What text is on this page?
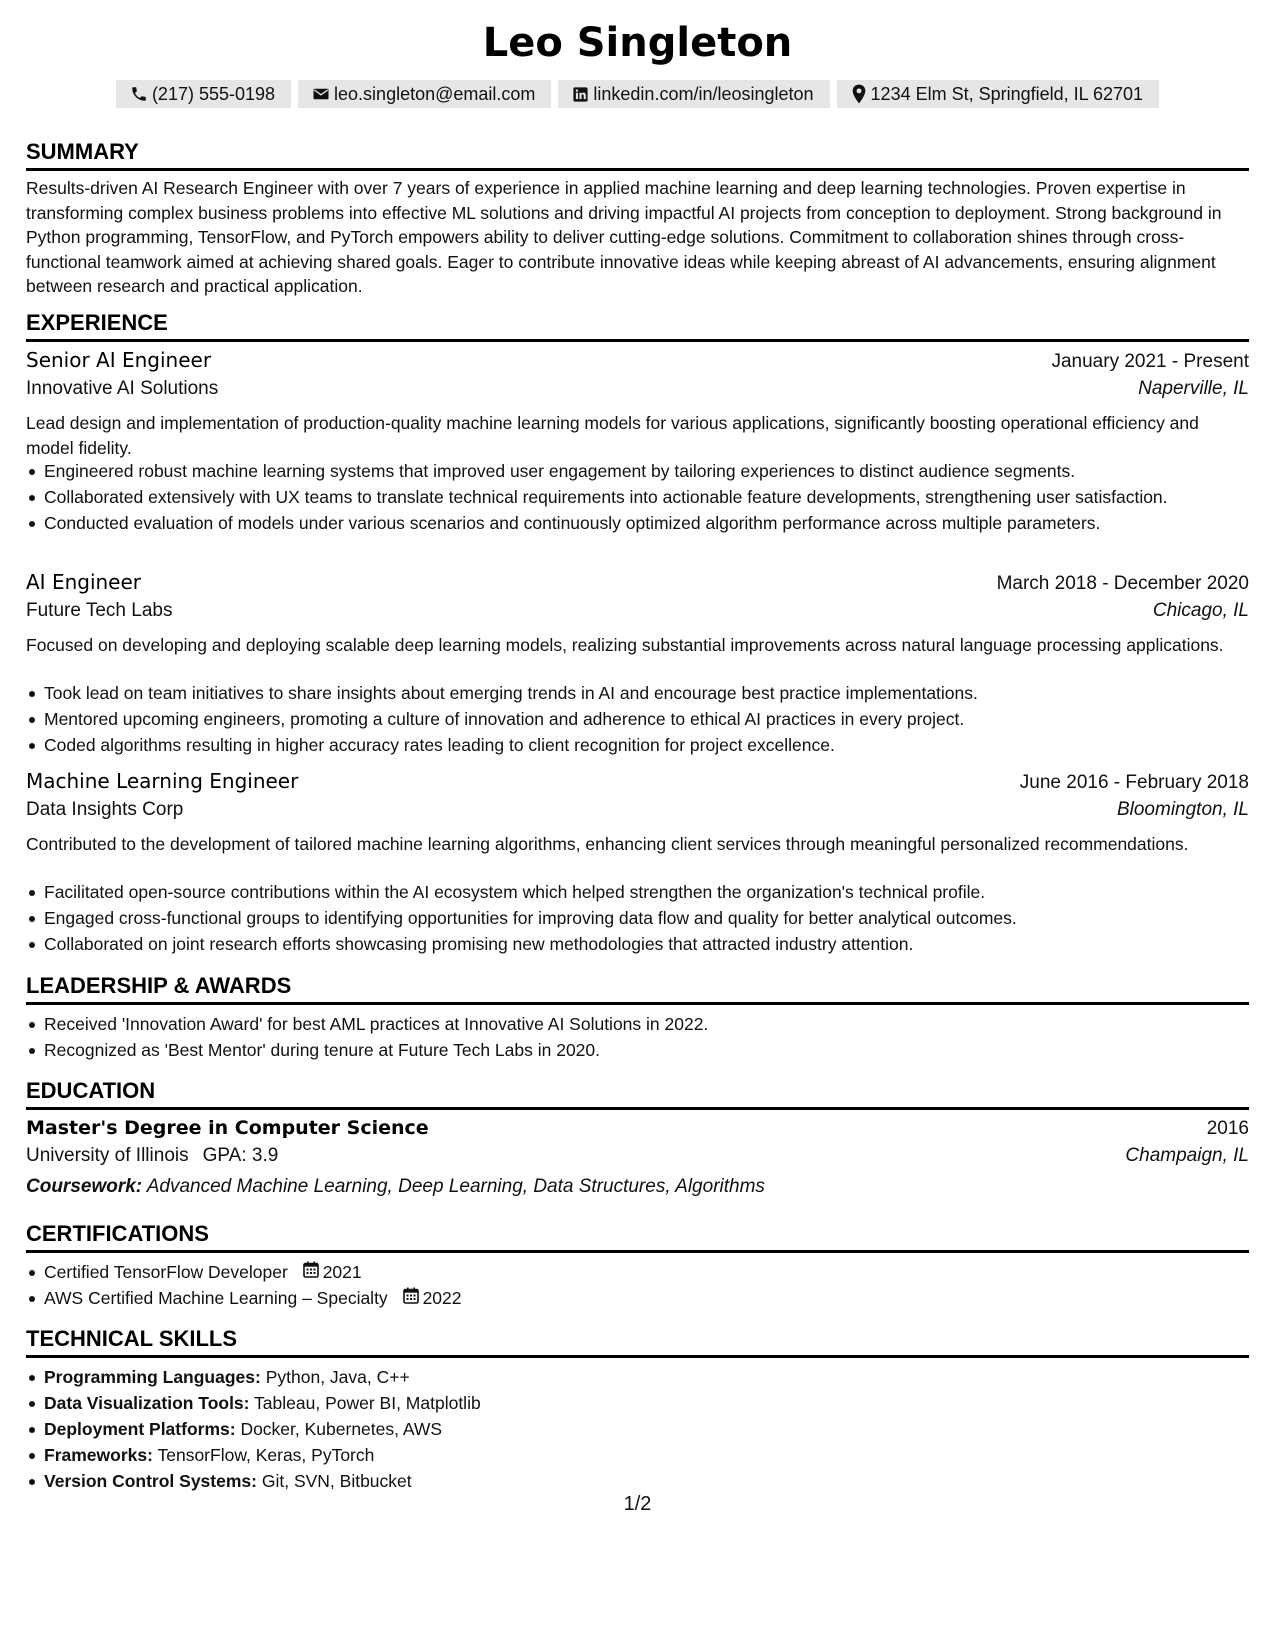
Leo Singleton
(217) 555-0198	leo.singleton@email.com	linkedin.com/in/leosingleton	1234 Elm St, Springfield, IL 62701
SUMMARY
Results-driven AI Research Engineer with over 7 years of experience in applied machine learning and deep learning technologies. Proven expertise in transforming complex business problems into effective ML solutions and driving impactful AI projects from conception to deployment. Strong background in Python programming, TensorFlow, and PyTorch empowers ability to deliver cutting-edge solutions. Commitment to collaboration shines through cross-functional teamwork aimed at achieving shared goals. Eager to contribute innovative ideas while keeping abreast of AI advancements, ensuring alignment between research and practical application.
EXPERIENCE
Senior AI Engineer	January 2021 - Present
Innovative AI Solutions	Naperville, IL
Lead design and implementation of production-quality machine learning models for various applications, significantly boosting operational efficiency and model fidelity.
Engineered robust machine learning systems that improved user engagement by tailoring experiences to distinct audience segments.
Collaborated extensively with UX teams to translate technical requirements into actionable feature developments, strengthening user satisfaction.
Conducted evaluation of models under various scenarios and continuously optimized algorithm performance across multiple parameters.
AI Engineer	March 2018 - December 2020
Future Tech Labs	Chicago, IL
Focused on developing and deploying scalable deep learning models, realizing substantial improvements across natural language processing applications.
Took lead on team initiatives to share insights about emerging trends in AI and encourage best practice implementations.
Mentored upcoming engineers, promoting a culture of innovation and adherence to ethical AI practices in every project.
Coded algorithms resulting in higher accuracy rates leading to client recognition for project excellence.
Machine Learning Engineer	June 2016 - February 2018
Data Insights Corp	Bloomington, IL
Contributed to the development of tailored machine learning algorithms, enhancing client services through meaningful personalized recommendations.
Facilitated open-source contributions within the AI ecosystem which helped strengthen the organization's technical profile.
Engaged cross-functional groups to identifying opportunities for improving data flow and quality for better analytical outcomes.
Collaborated on joint research efforts showcasing promising new methodologies that attracted industry attention.
LEADERSHIP & AWARDS
Received 'Innovation Award' for best AML practices at Innovative AI Solutions in 2022.
Recognized as 'Best Mentor' during tenure at Future Tech Labs in 2020.
EDUCATION
Master's Degree in Computer Science	2016
University of Illinois GPA: 3.9	Champaign, IL
Coursework: Advanced Machine Learning, Deep Learning, Data Structures, Algorithms
CERTIFICATIONS
Certified TensorFlow Developer 2021
AWS Certified Machine Learning – Specialty 2022
TECHNICAL SKILLS
Programming Languages: Python, Java, C++
Data Visualization Tools: Tableau, Power BI, Matplotlib
Deployment Platforms: Docker, Kubernetes, AWS
Frameworks: TensorFlow, Keras, PyTorch
Version Control Systems: Git, SVN, Bitbucket
1/2
